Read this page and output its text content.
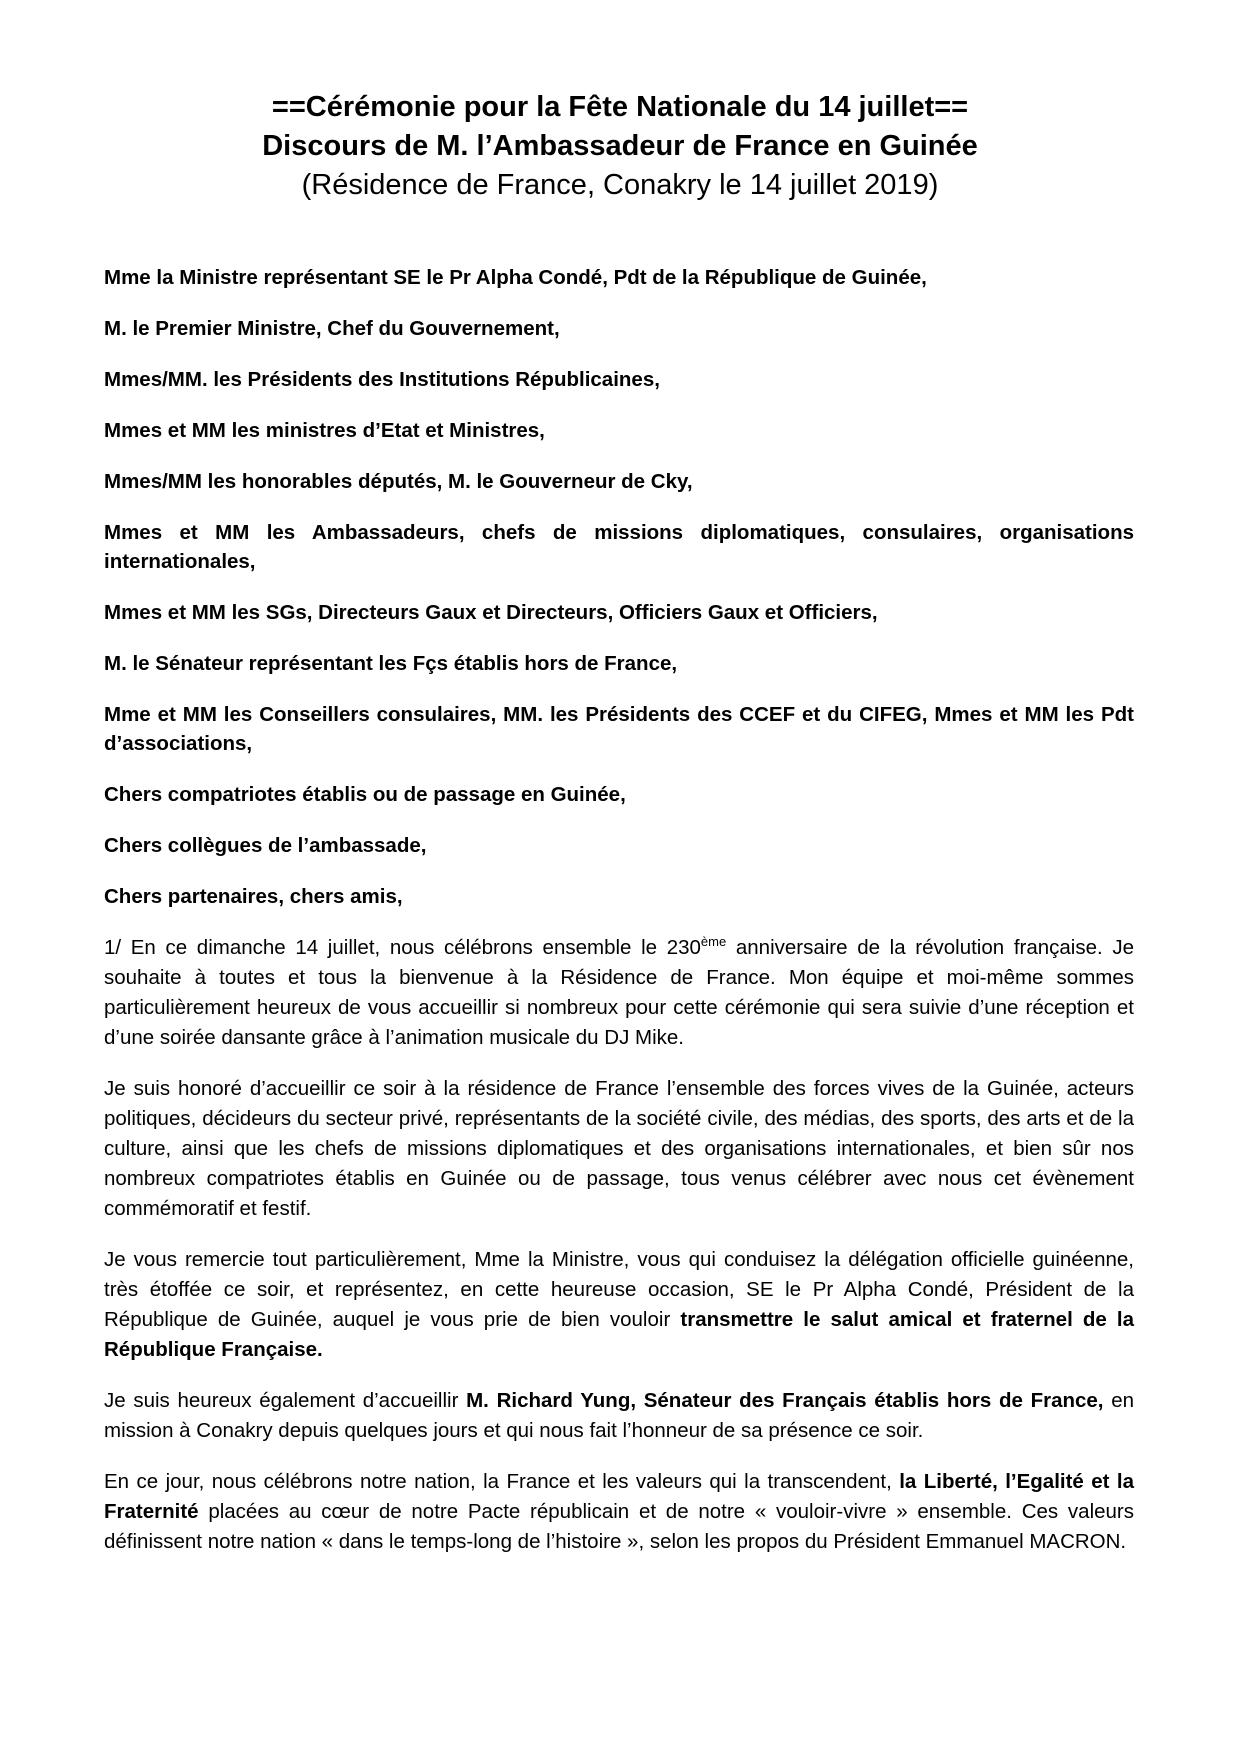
==Cérémonie pour la Fête Nationale du 14 juillet==
Discours de M. l’Ambassadeur de France en Guinée
(Résidence de France, Conakry le 14 juillet 2019)

Mme la Ministre représentant SE le Pr Alpha Condé, Pdt de la République de Guinée,

M. le Premier Ministre, Chef du Gouvernement,

Mmes/MM. les Présidents des Institutions Républicaines,

Mmes et MM les ministres d’Etat et Ministres,

Mmes/MM les honorables députés, M. le Gouverneur de Cky,

Mmes et MM les Ambassadeurs, chefs de missions diplomatiques, consulaires, organisations internationales,

Mmes et MM les SGs, Directeurs Gaux et Directeurs, Officiers Gaux et Officiers,

M. le Sénateur représentant les Fçs établis hors de France,

Mme et MM les Conseillers consulaires, MM. les Présidents des CCEF et du CIFEG, Mmes et MM les Pdt d’associations,

Chers compatriotes établis ou de passage en Guinée,

Chers collègues de l’ambassade,

Chers partenaires, chers amis,

1/ En ce dimanche 14 juillet, nous célébrons ensemble le 230ème anniversaire de la révolution française. Je souhaite à toutes et tous la bienvenue à la Résidence de France. Mon équipe et moi-même sommes particulièrement heureux de vous accueillir si nombreux pour cette cérémonie qui sera suivie d’une réception et d’une soirée dansante grâce à l’animation musicale du DJ Mike.

Je suis honoré d’accueillir ce soir à la résidence de France l’ensemble des forces vives de la Guinée, acteurs politiques, décideurs du secteur privé, représentants de la société civile, des médias, des sports, des arts et de la culture, ainsi que les chefs de missions diplomatiques et des organisations internationales, et bien sûr nos nombreux compatriotes établis en Guinée ou de passage, tous venus célébrer avec nous cet évènement commémoratif et festif.

Je vous remercie tout particulièrement, Mme la Ministre, vous qui conduisez la délégation officielle guinéenne, très étoffée ce soir, et représentez, en cette heureuse occasion, SE le Pr Alpha Condé, Président de la République de Guinée, auquel je vous prie de bien vouloir transmettre le salut amical et fraternel de la République Française.

Je suis heureux également d’accueillir M. Richard Yung, Sénateur des Français établis hors de France, en mission à Conakry depuis quelques jours et qui nous fait l’honneur de sa présence ce soir.

En ce jour, nous célébrons notre nation, la France et les valeurs qui la transcendent, la Liberté, l’Egalité et la Fraternité placées au cœur de notre Pacte républicain et de notre « vouloir-vivre » ensemble. Ces valeurs définissent notre nation « dans le temps-long de l’histoire », selon les propos du Président Emmanuel MACRON.
